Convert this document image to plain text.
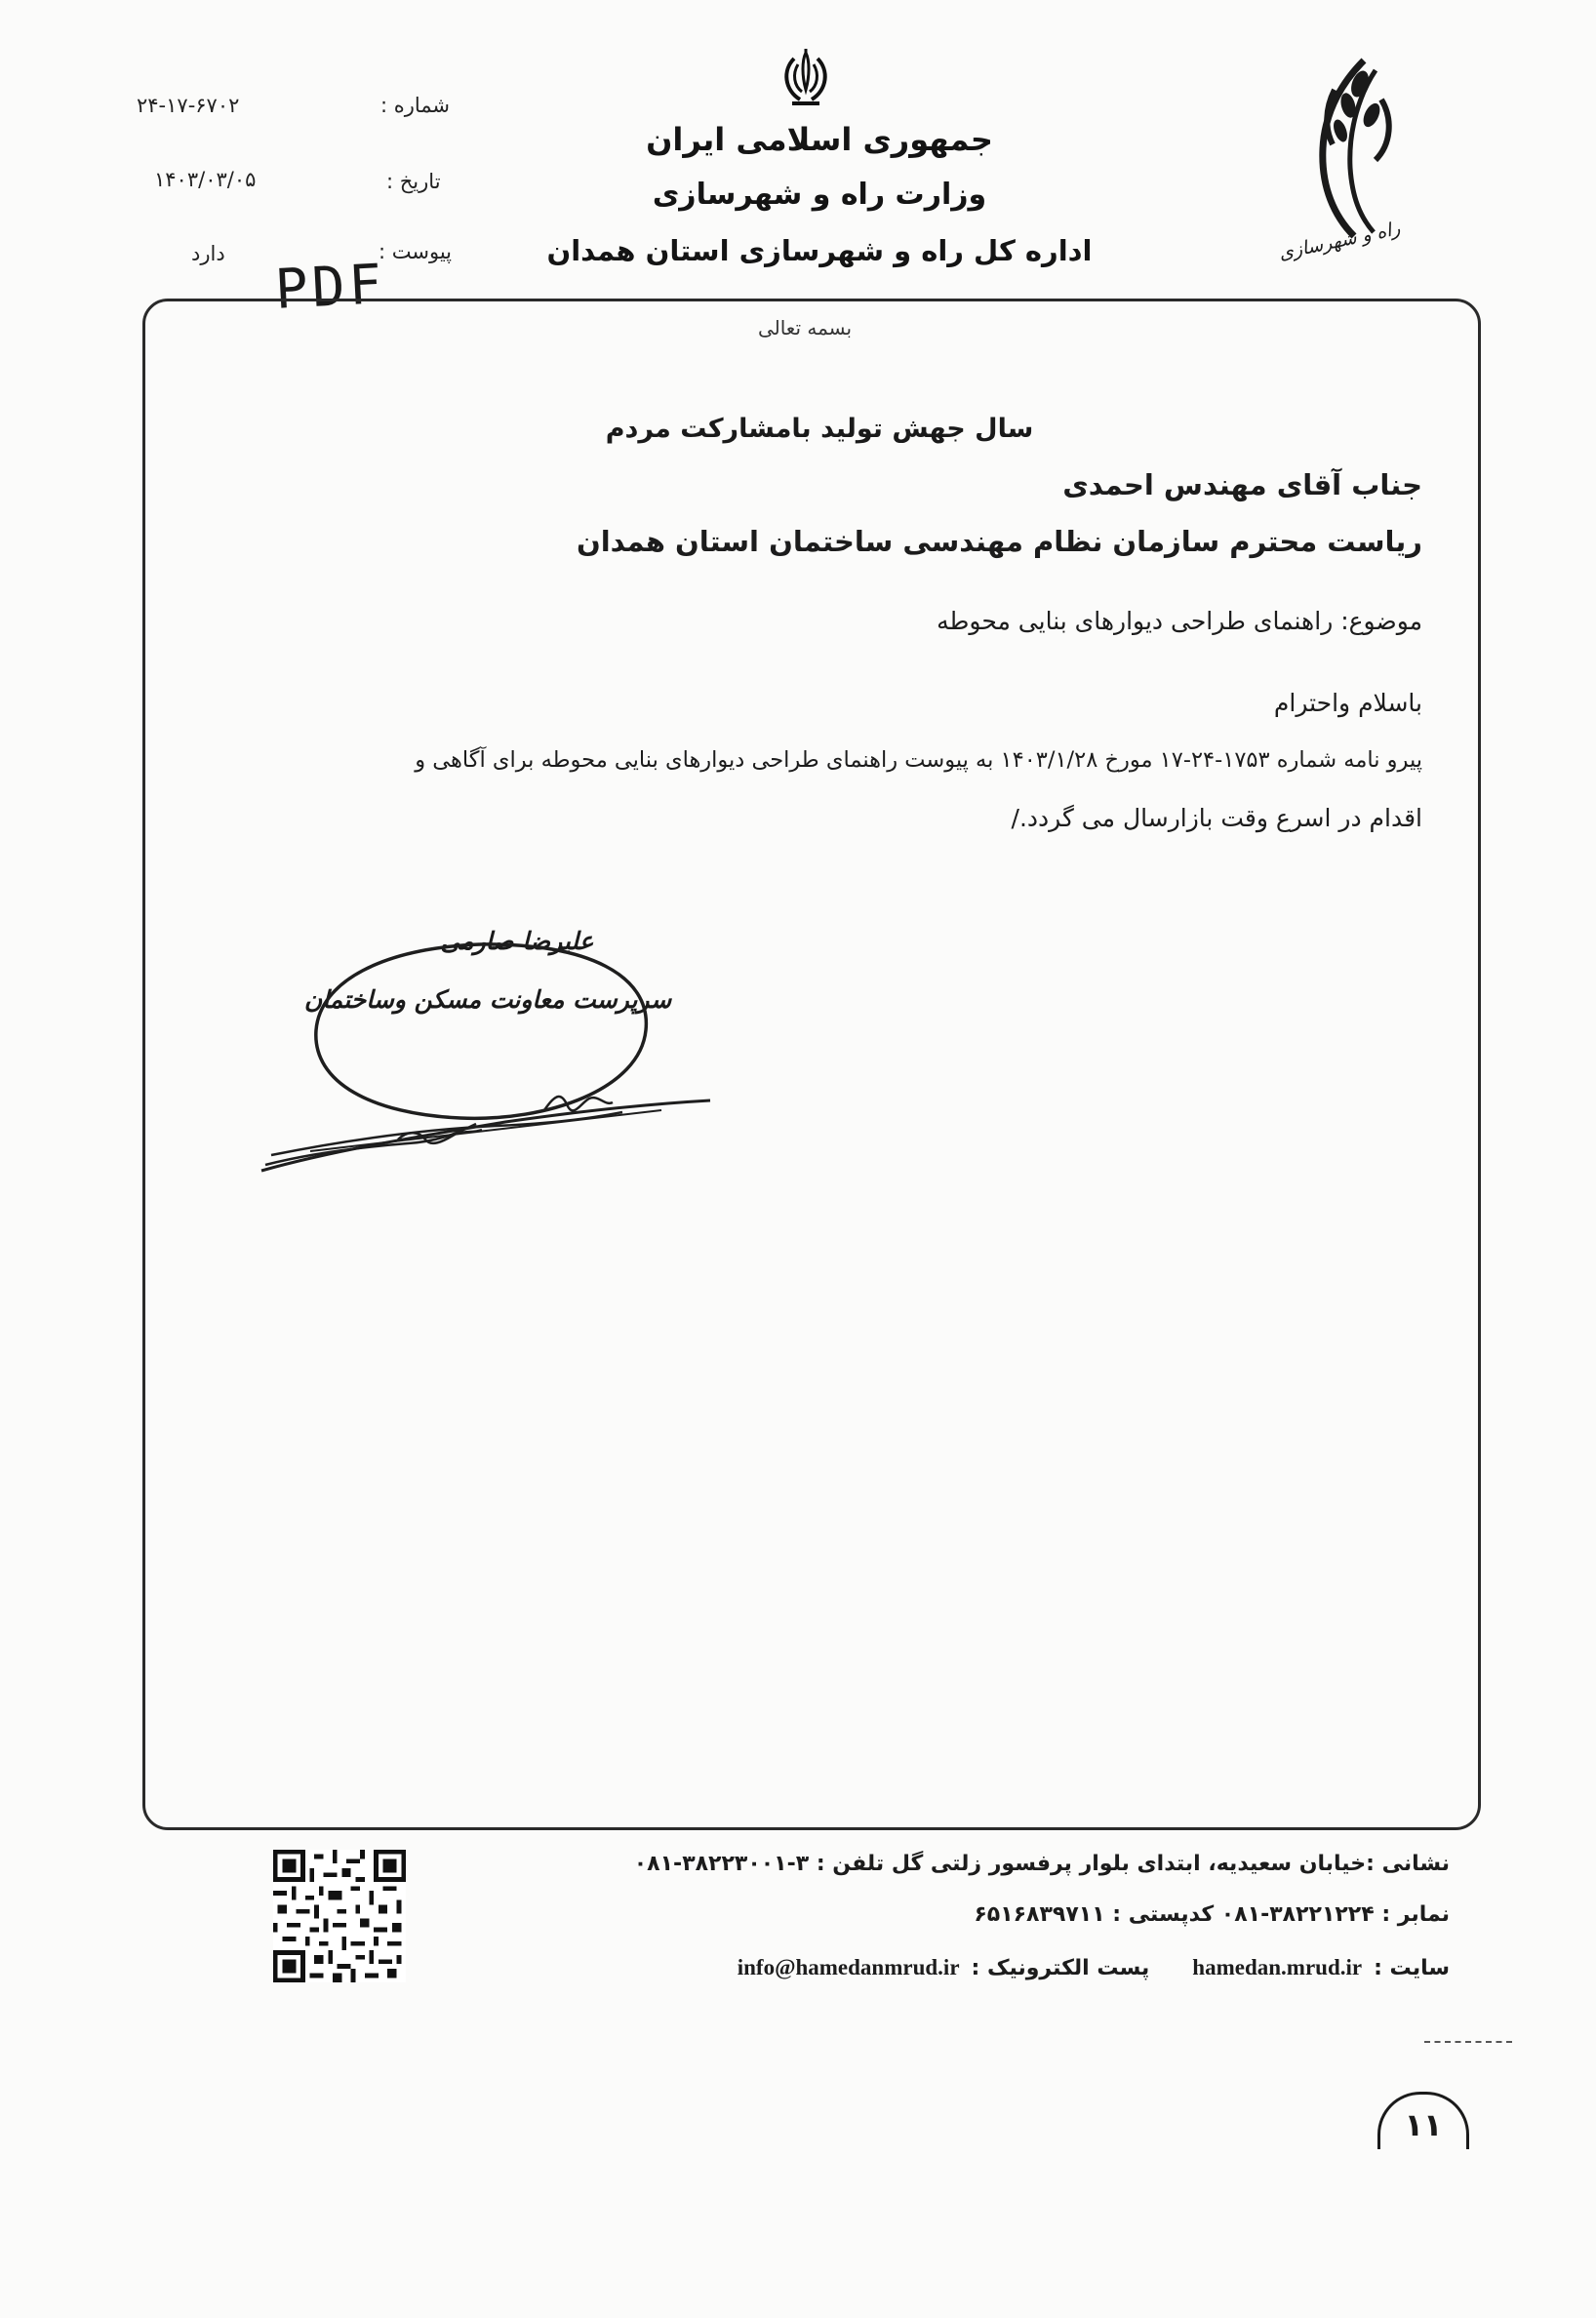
جمهوری اسلامی ایران
وزارت راه و شهرسازی
اداره کل راه و شهرسازی استان همدان	راه و شهرسازی
شماره :
۲۴-۱۷-۶۷۰۲
تاریخ :
۱۴۰۳/۰۳/۰۵
پیوست :
دارد PDF
بسمه تعالی
سال جهش تولید بامشارکت مردم
جناب آقای مهندس احمدی
ریاست محترم سازمان نظام مهندسی ساختمان استان همدان
موضوع: راهنمای طراحی دیوارهای بنایی محوطه
باسلام واحترام
پیرو نامه شماره ۱۷۵۳-۲۴-۱۷ مورخ ۱۴۰۳/۱/۲۸ به پیوست راهنمای طراحی دیوارهای بنایی محوطه برای آگاهی و
اقدام در اسرع وقت بازارسال می گردد./
علیرضا صارمی
سرپرست معاونت مسکن وساختمان
نشانی :خیابان سعیدیه، ابتدای بلوار پرفسور زلتی گل تلفن : ۳-۳۸۲۲۳۰۰۱-۰۸۱
نمابر : ۳۸۲۲۱۲۲۴-۰۸۱ کدپستی : ۶۵۱۶۸۳۹۷۱۱
سایت :
hamedan.mrud.ir
پست الکترونیک :
info@hamedanmrud.ir
۱۱
